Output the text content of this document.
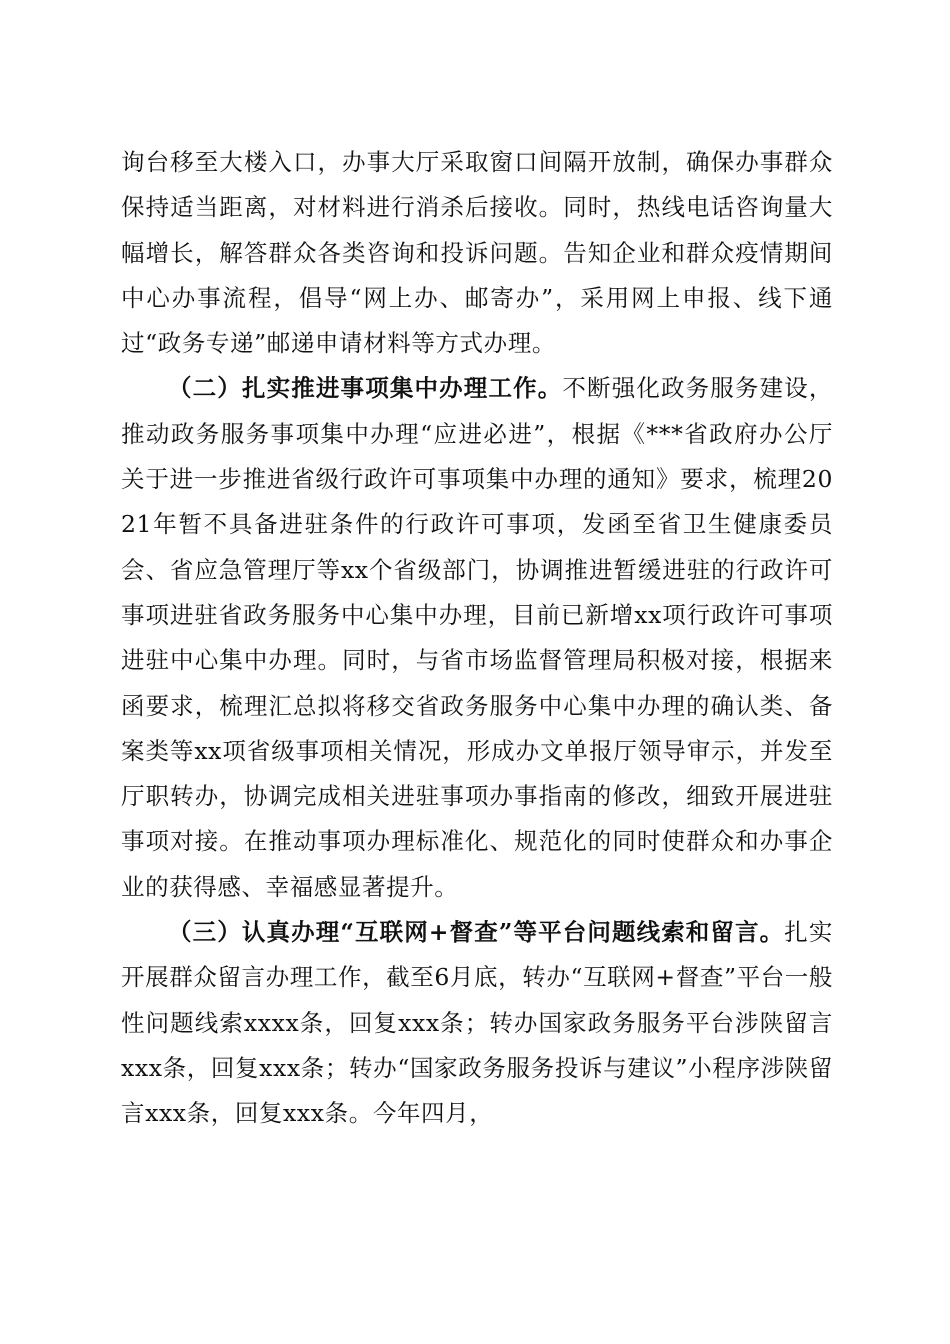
询台移至大楼入口，办事大厅采取窗口间隔开放制，确保办事群众保持适当距离，对材料进行消杀后接收。同时，热线电话咨询量大幅增长，解答群众各类咨询和投诉问题。告知企业和群众疫情期间中心办事流程，倡导“网上办、邮寄办”，采用网上申报、线下通过“政务专递”邮递申请材料等方式办理。

（二）扎实推进事项集中办理工作。不断强化政务服务建设，推动政务服务事项集中办理“应进必进”，根据《***省政府办公厅关于进一步推进省级行政许可事项集中办理的通知》要求，梳理2021年暂不具备进驻条件的行政许可事项，发函至省卫生健康委员会、省应急管理厅等xx个省级部门，协调推进暂缓进驻的行政许可事项进驻省政务服务中心集中办理，目前已新增xx项行政许可事项进驻中心集中办理。同时，与省市场监督管理局积极对接，根据来函要求，梳理汇总拟将移交省政务服务中心集中办理的确认类、备案类等xx项省级事项相关情况，形成办文单报厅领导审示，并发至厅职转办，协调完成相关进驻事项办事指南的修改，细致开展进驻事项对接。在推动事项办理标准化、规范化的同时使群众和办事企业的获得感、幸福感显著提升。

（三）认真办理“互联网+督查”等平台问题线索和留言。扎实开展群众留言办理工作，截至6月底，转办“互联网+督查”平台一般性问题线索xxxx条，回复xxx条；转办国家政务服务平台涉陕留言xxx条，回复xxx条；转办“国家政务服务投诉与建议”小程序涉陕留言xxx条，回复xxx条。今年四月，
